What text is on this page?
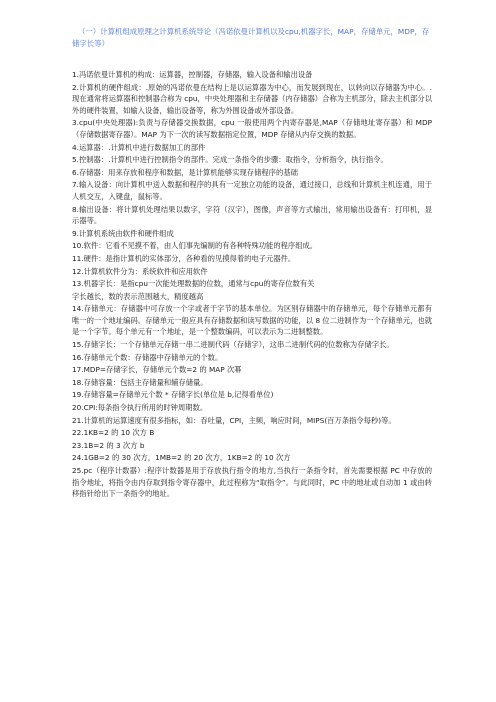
（一）计算机组成原理之计算机系统导论（冯诺依曼计算机以及cpu,机器字长，MAP，存储单元，MDP，存储字长等）
1.冯诺依曼计算机的构成：运算器，控制器，存储器，输入设备和输出设备
2.计算机的硬件组成：.原始的冯诺依曼在结构上是以运算器为中心，而发展到现在，以转向以存储器为中心。.现在通常将运算器和控制器合称为 cpu，中央处理器和主存储器（内存储器）合称为主机部分，除去主机部分以外的硬件装置，如输入设备，输出设备等，称为外围设备或外部设备。
3.cpu(中央处理器):负责与存储器交换数据，cpu 一般使用两个内寄存器是,MAP（存储地址寄存器）和 MDP（存储数据寄存器）。MAP 为下一次的读写数据指定位置，MDP 存储从内存交换的数据。
4.运算器：.计算机中进行数据加工的部件
5.控制器：.计算机中进行控制指令的部件。完成一条指令的步骤：取指令，分析指令，执行指令。
6.存储器：用来存放和程序和数据，是计算机能够实现存储程序的基础
7.输入设备：向计算机中送入数据和程序的具有一定独立功能的设备，通过接口，总线和计算机主机连通，用于人机交互，入键盘，鼠标等。
8.输出设备：将计算机处理结果以数字，字符（汉字），图像，声音等方式输出，常用输出设备有：打印机，显示器等。
9.计算机系统由软件和硬件组成
10.软件：它看不见摸不着，由人们事先编制的有各种特殊功能的程序组成。
11.硬件：是指计算机的实体部分，各种看的见摸得着的电子元器件。
12.计算机软件分为：系统软件和应用软件
13.机器字长：是指cpu一次能处理数据的位数，通常与cpu的寄存位数有关
字长越长，数的表示范围越大，精度越高
14.存储单元：存储器中可存放一个字或者干字节的基本单位。为区别存储器中的存储单元，每个存储单元都有唯一的一个地址编码。存储单元一般应具有存储数据和读写数据的功能，以 8 位二进制作为一个存储单元，也就是一个字节。每个单元有一个地址，是一个整数编码，可以表示为二进制整数。
15.存储字长：一个存储单元存储一串二进制代码（存储字），这串二进制代码的位数称为存储字长。
16.存储单元个数：存储器中存储单元的个数。
17.MDP=存储字长，存储单元个数=2 的 MAP 次幂
18.存储容量：包括主存储量和辅存储量。
19.存储容量=存储单元个数 * 存储字长(单位是 b,记得看单位)
20.CPI:每条指令执行所用的时钟周期数。
21.计算机的运算速度有很多指标，如：吞吐量，CPI，主频，响应时间，MIPS(百万条指令每秒)等。
22.1KB=2 的 10 次方 B
23.1B=2 的 3 次方 b
24.1GB=2 的 30 次方，1MB=2 的 20 次方，1KB=2 的 10 次方
25.pc（程序计数器）:程序计数器是用于存放执行指令的地方,当执行一条指令时，首先需要根据 PC 中存放的指令地址，将指令由内存取到指令寄存器中，此过程称为“取指令”。与此同时，PC 中的地址或自动加 1 或由转移指针给出下一条指令的地址。
